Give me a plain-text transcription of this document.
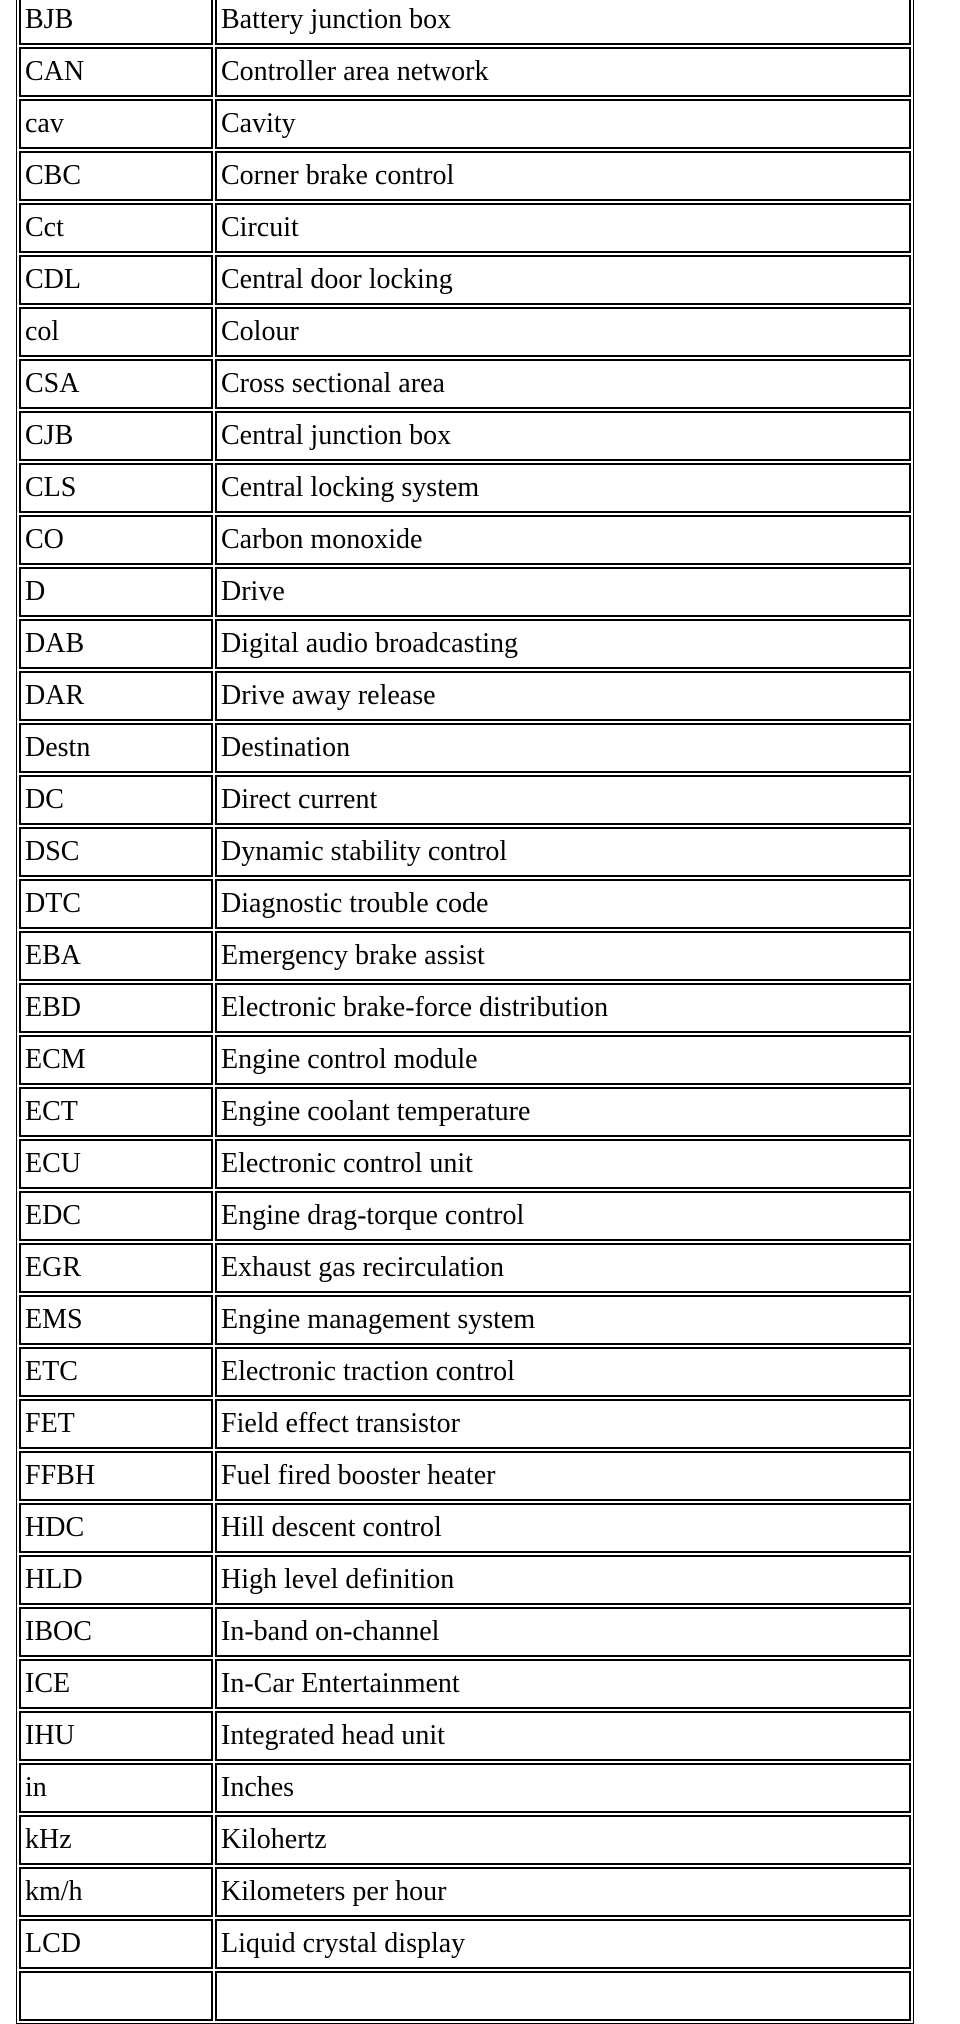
BJB	Battery junction box
CAN	Controller area network
cav	Cavity
CBC	Corner brake control
Cct	Circuit
CDL	Central door locking
col	Colour
CSA	Cross sectional area
CJB	Central junction box
CLS	Central locking system
CO	Carbon monoxide
D	Drive
DAB	Digital audio broadcasting
DAR	Drive away release
Destn	Destination
DC	Direct current
DSC	Dynamic stability control
DTC	Diagnostic trouble code
EBA	Emergency brake assist
EBD	Electronic brake-force distribution
ECM	Engine control module
ECT	Engine coolant temperature
ECU	Electronic control unit
EDC	Engine drag-torque control
EGR	Exhaust gas recirculation
EMS	Engine management system
ETC	Electronic traction control
FET	Field effect transistor
FFBH	Fuel fired booster heater
HDC	Hill descent control
HLD	High level definition
IBOC	In-band on-channel
ICE	In-Car Entertainment
IHU	Integrated head unit
in	Inches
kHz	Kilohertz
km/h	Kilometers per hour
LCD	Liquid crystal display
